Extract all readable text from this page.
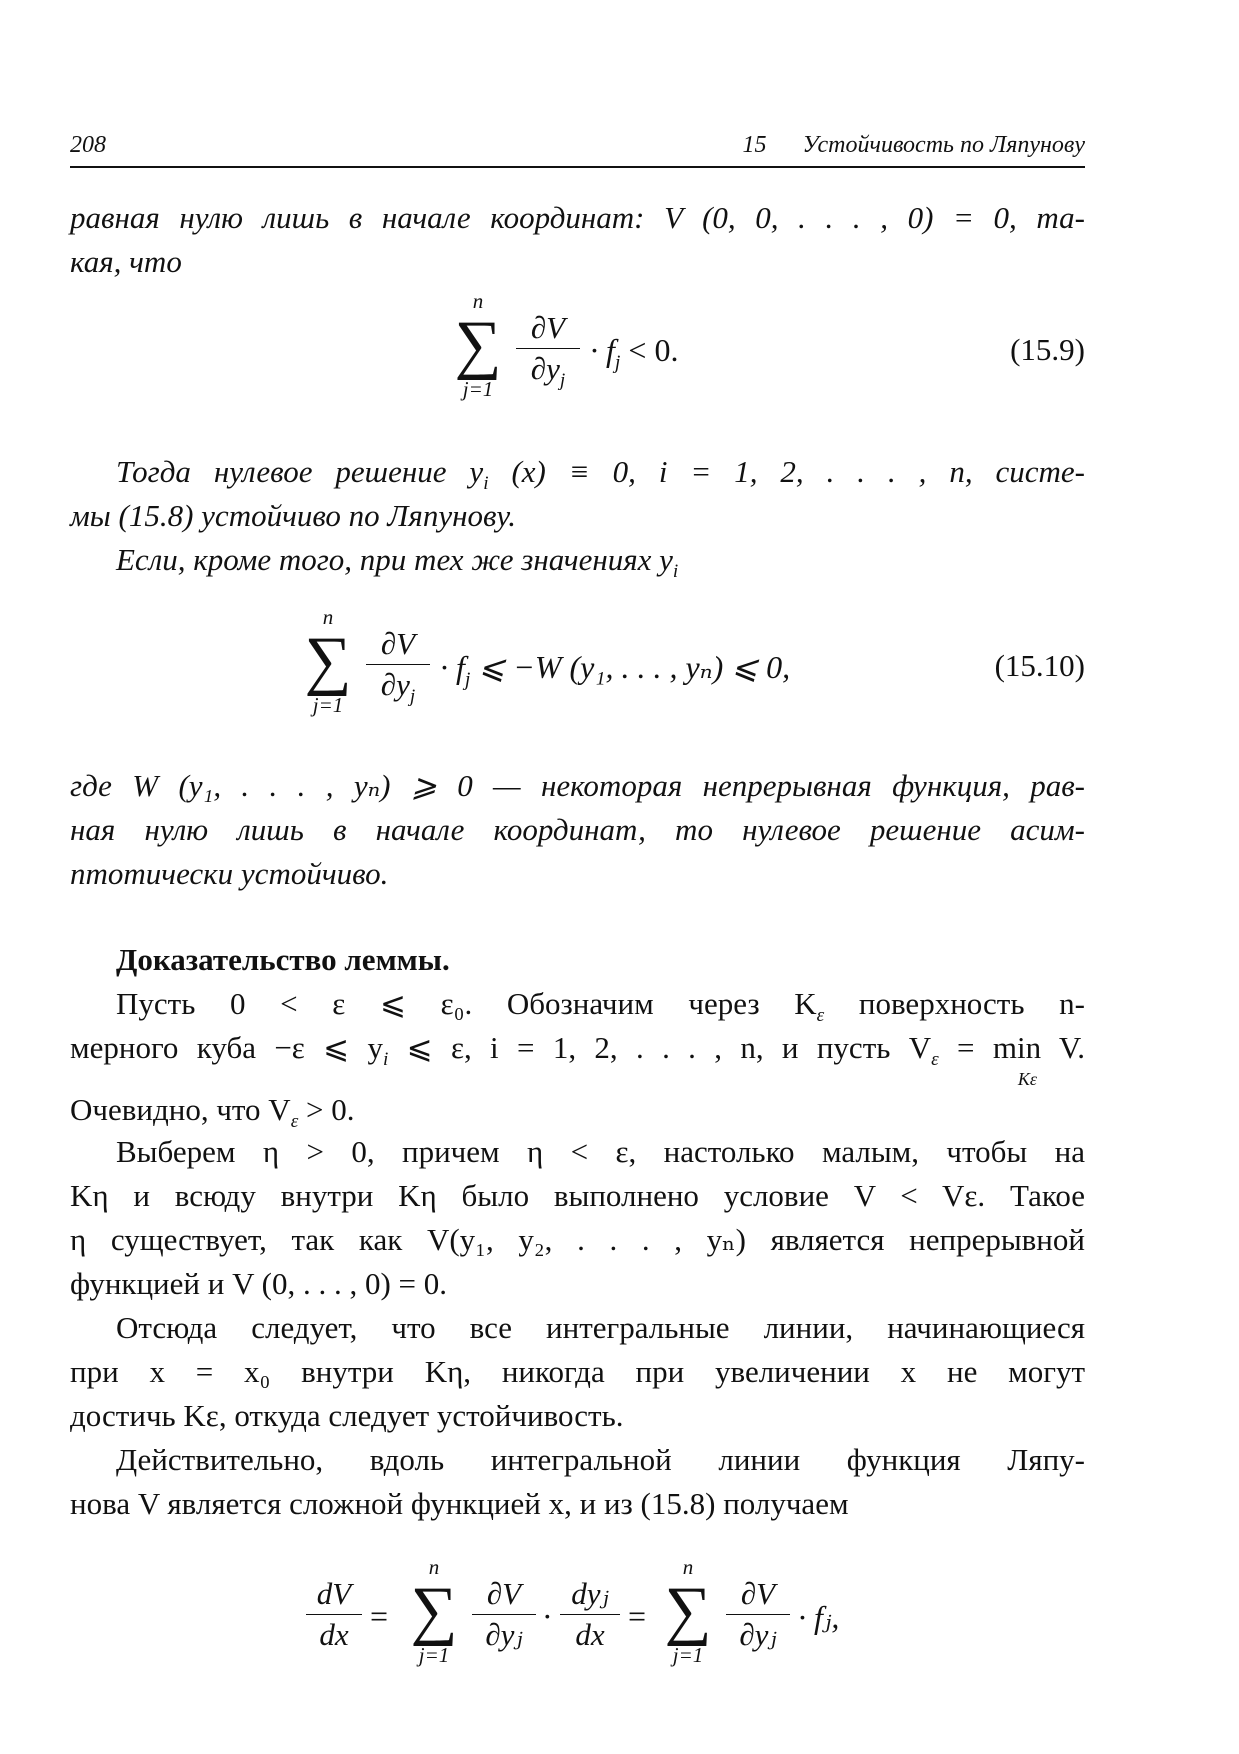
208	15 Устойчивость по Ляпунову
равная нулю лишь в начале координат: V (0, 0, . . . , 0) = 0, та-
кая, что
n
∑
j=1
∂V
$\partial y_j$
· $f_j < 0$.	(15.9)
Тогда нулевое решение $y_i$ (x) ≡ 0, i = 1, 2, . . . , n, систе-
мы (15.8) устойчиво по Ляпунову.
Если, кроме того, при тех же значениях $y_i$
n
∑
j=1
∂V
$\partial y_j$
· $f_j$ ⩽ −W (y₁, . . . , yₙ) ⩽ 0,	(15.10)
где W (y₁, . . . , yₙ) ⩾ 0 — некоторая непрерывная функция, рав-
ная нулю лишь в начале координат, то нулевое решение асим-
птотически устойчиво.
Доказательство леммы.
Пусть 0 < ε ⩽ ε₀. Обозначим через $K_\varepsilon$ поверхность n-
мерного куба −ε ⩽ $y_i$ ⩽ ε, i = 1, 2, . . . , n, и пусть $V_\varepsilon = \min V$.
Kε
Очевидно, что $V_\varepsilon > 0$.
Выберем η > 0, причем η < ε, настолько малым, чтобы на
Kη и всюду внутри Kη было выполнено условие V < Vε. Такое
η существует, так как V(y₁, y₂, . . . , yₙ) является непрерывной
функцией и V (0, . . . , 0) = 0.
Отсюда следует, что все интегральные линии, начинающиеся
при x = x₀ внутри Kη, никогда при увеличении x не могут
достичь Kε, откуда следует устойчивость.
Действительно, вдоль интегральной линии функция Ляпу-
нова V является сложной функцией x, и из (15.8) получаем
dV
dx
=
n
∑
j=1
∂V
∂yⱼ
·
dyⱼ
dx
=
n
∑
j=1
∂V
∂yⱼ · fⱼ,
